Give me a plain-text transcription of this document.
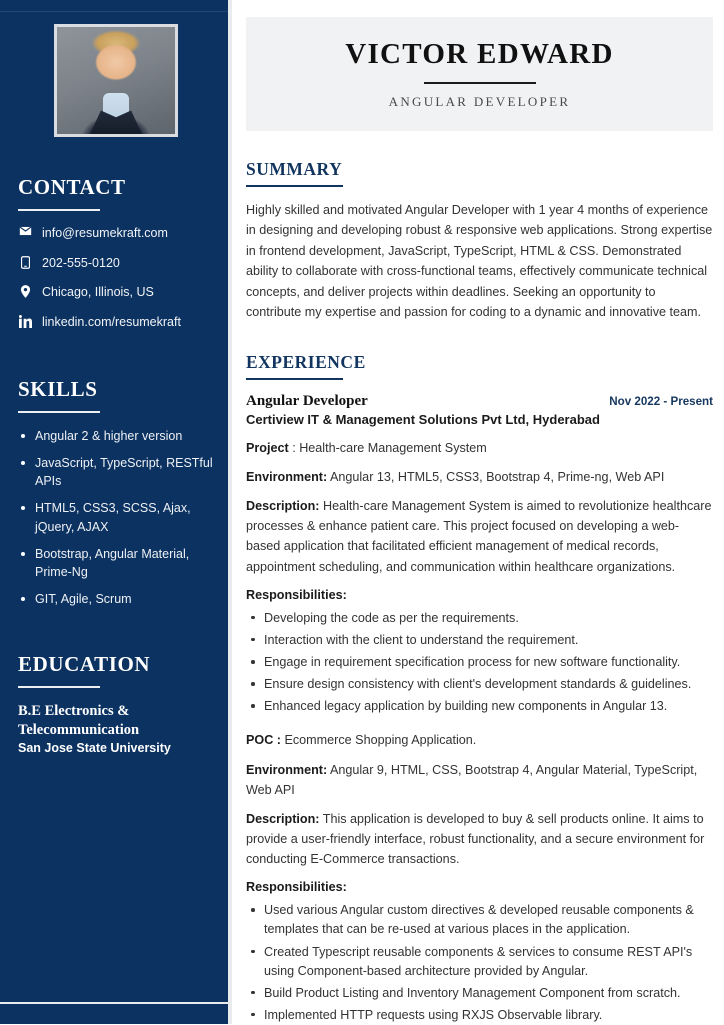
CONTACT
info@resumekraft.com
202-555-0120
Chicago, Illinois, US
linkedin.com/resumekraft
SKILLS
Angular 2 & higher version
JavaScript, TypeScript, RESTful APIs
HTML5, CSS3, SCSS, Ajax, jQuery, AJAX
Bootstrap, Angular Material, Prime-Ng
GIT, Agile, Scrum
EDUCATION
B.E Electronics & Telecommunication
San Jose State University
VICTOR EDWARD
ANGULAR DEVELOPER
SUMMARY

Highly skilled and motivated Angular Developer with 1 year 4 months of experience in designing and developing robust & responsive web applications. Strong expertise in frontend development, JavaScript, TypeScript, HTML & CSS. Demonstrated ability to collaborate with cross-functional teams, effectively communicate technical concepts, and deliver projects within deadlines. Seeking an opportunity to contribute my expertise and passion for coding to a dynamic and innovative team.

EXPERIENCE
Angular Developer	Nov 2022 - Present
Certiview IT & Management Solutions Pvt Ltd, Hyderabad
Project : Health-care Management System
Environment: Angular 13, HTML5, CSS3, Bootstrap 4, Prime-ng, Web API
Description: Health-care Management System is aimed to revolutionize healthcare processes & enhance patient care. This project focused on developing a web-based application that facilitated efficient management of medical records, appointment scheduling, and communication within healthcare organizations.
Responsibilities:
Developing the code as per the requirements.
Interaction with the client to understand the requirement.
Engage in requirement specification process for new software functionality.
Ensure design consistency with client's development standards & guidelines.
Enhanced legacy application by building new components in Angular 13.
POC : Ecommerce Shopping Application.
Environment: Angular 9, HTML, CSS, Bootstrap 4, Angular Material, TypeScript, Web API
Description: This application is developed to buy & sell products online. It aims to provide a user-friendly interface, robust functionality, and a secure environment for conducting E-Commerce transactions.
Responsibilities:
Used various Angular custom directives & developed reusable components & templates that can be re-used at various places in the application.
Created Typescript reusable components & services to consume REST API's using Component-based architecture provided by Angular.
Build Product Listing and Inventory Management Component from scratch.
Implemented HTTP requests using RXJS Observable library.
